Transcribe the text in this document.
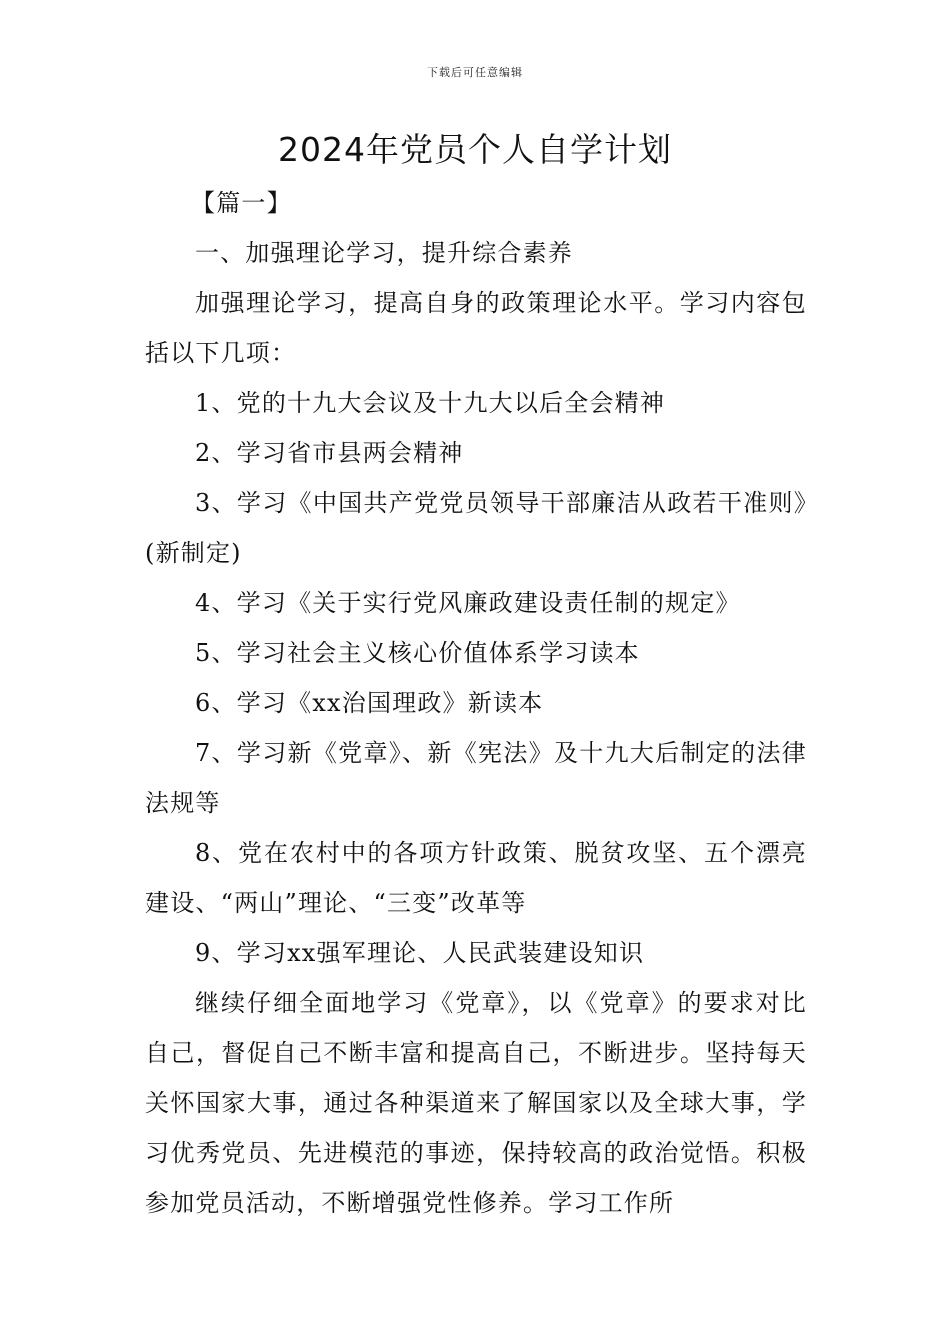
下载后可任意编辑
2024年党员个人自学计划

【篇一】

一、加强理论学习，提升综合素养

加强理论学习，提高自身的政策理论水平。学习内容包括以下几项：

1、党的十九大会议及十九大以后全会精神

2、学习省市县两会精神

3、学习《中国共产党党员领导干部廉洁从政若干准则》(新制定)

4、学习《关于实行党风廉政建设责任制的规定》

5、学习社会主义核心价值体系学习读本

6、学习《xx治国理政》新读本

7、学习新《党章》、新《宪法》及十九大后制定的法律法规等

8、党在农村中的各项方针政策、脱贫攻坚、五个漂亮建设、“两山”理论、“三变”改革等

9、学习xx强军理论、人民武装建设知识

继续仔细全面地学习《党章》，以《党章》的要求对比自己，督促自己不断丰富和提高自己，不断进步。坚持每天关怀国家大事，通过各种渠道来了解国家以及全球大事，学习优秀党员、先进模范的事迹，保持较高的政治觉悟。积极参加党员活动，不断增强党性修养。学习工作所
